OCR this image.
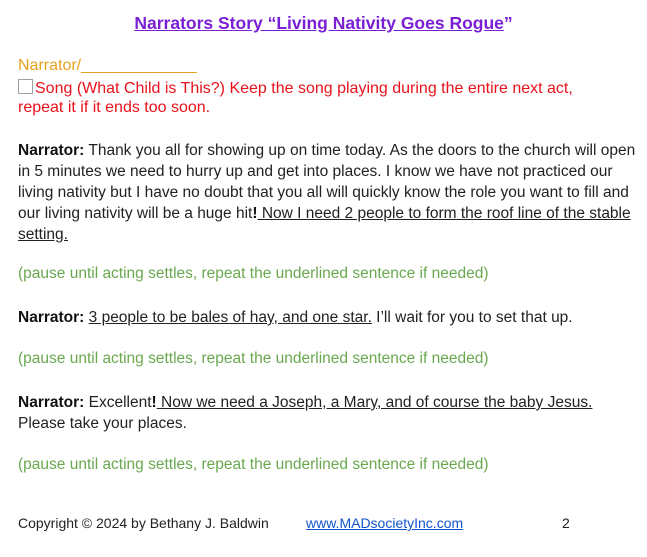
Narrators Story “Living Nativity Goes Rogue”
Narrator/_____________
Song (What Child is This?) Keep the song playing during the entire next act, repeat it if it ends too soon.
Narrator: Thank you all for showing up on time today. As the doors to the church will open in 5 minutes we need to hurry up and get into places. I know we have not practiced our living nativity but I have no doubt that you all will quickly know the role you want to fill and our living nativity will be a huge hit! Now I need 2 people to form the roof line of the stable setting.
(pause until acting settles, repeat the underlined sentence if needed)
Narrator: 3 people to be bales of hay, and one star. I’ll wait for you to set that up.
(pause until acting settles, repeat the underlined sentence if needed)
Narrator: Excellent! Now we need a Joseph, a Mary, and of course the baby Jesus. Please take your places.
(pause until acting settles, repeat the underlined sentence if needed)
Copyright © 2024 by Bethany J. Baldwin	www.MADsocietyInc.com	2
